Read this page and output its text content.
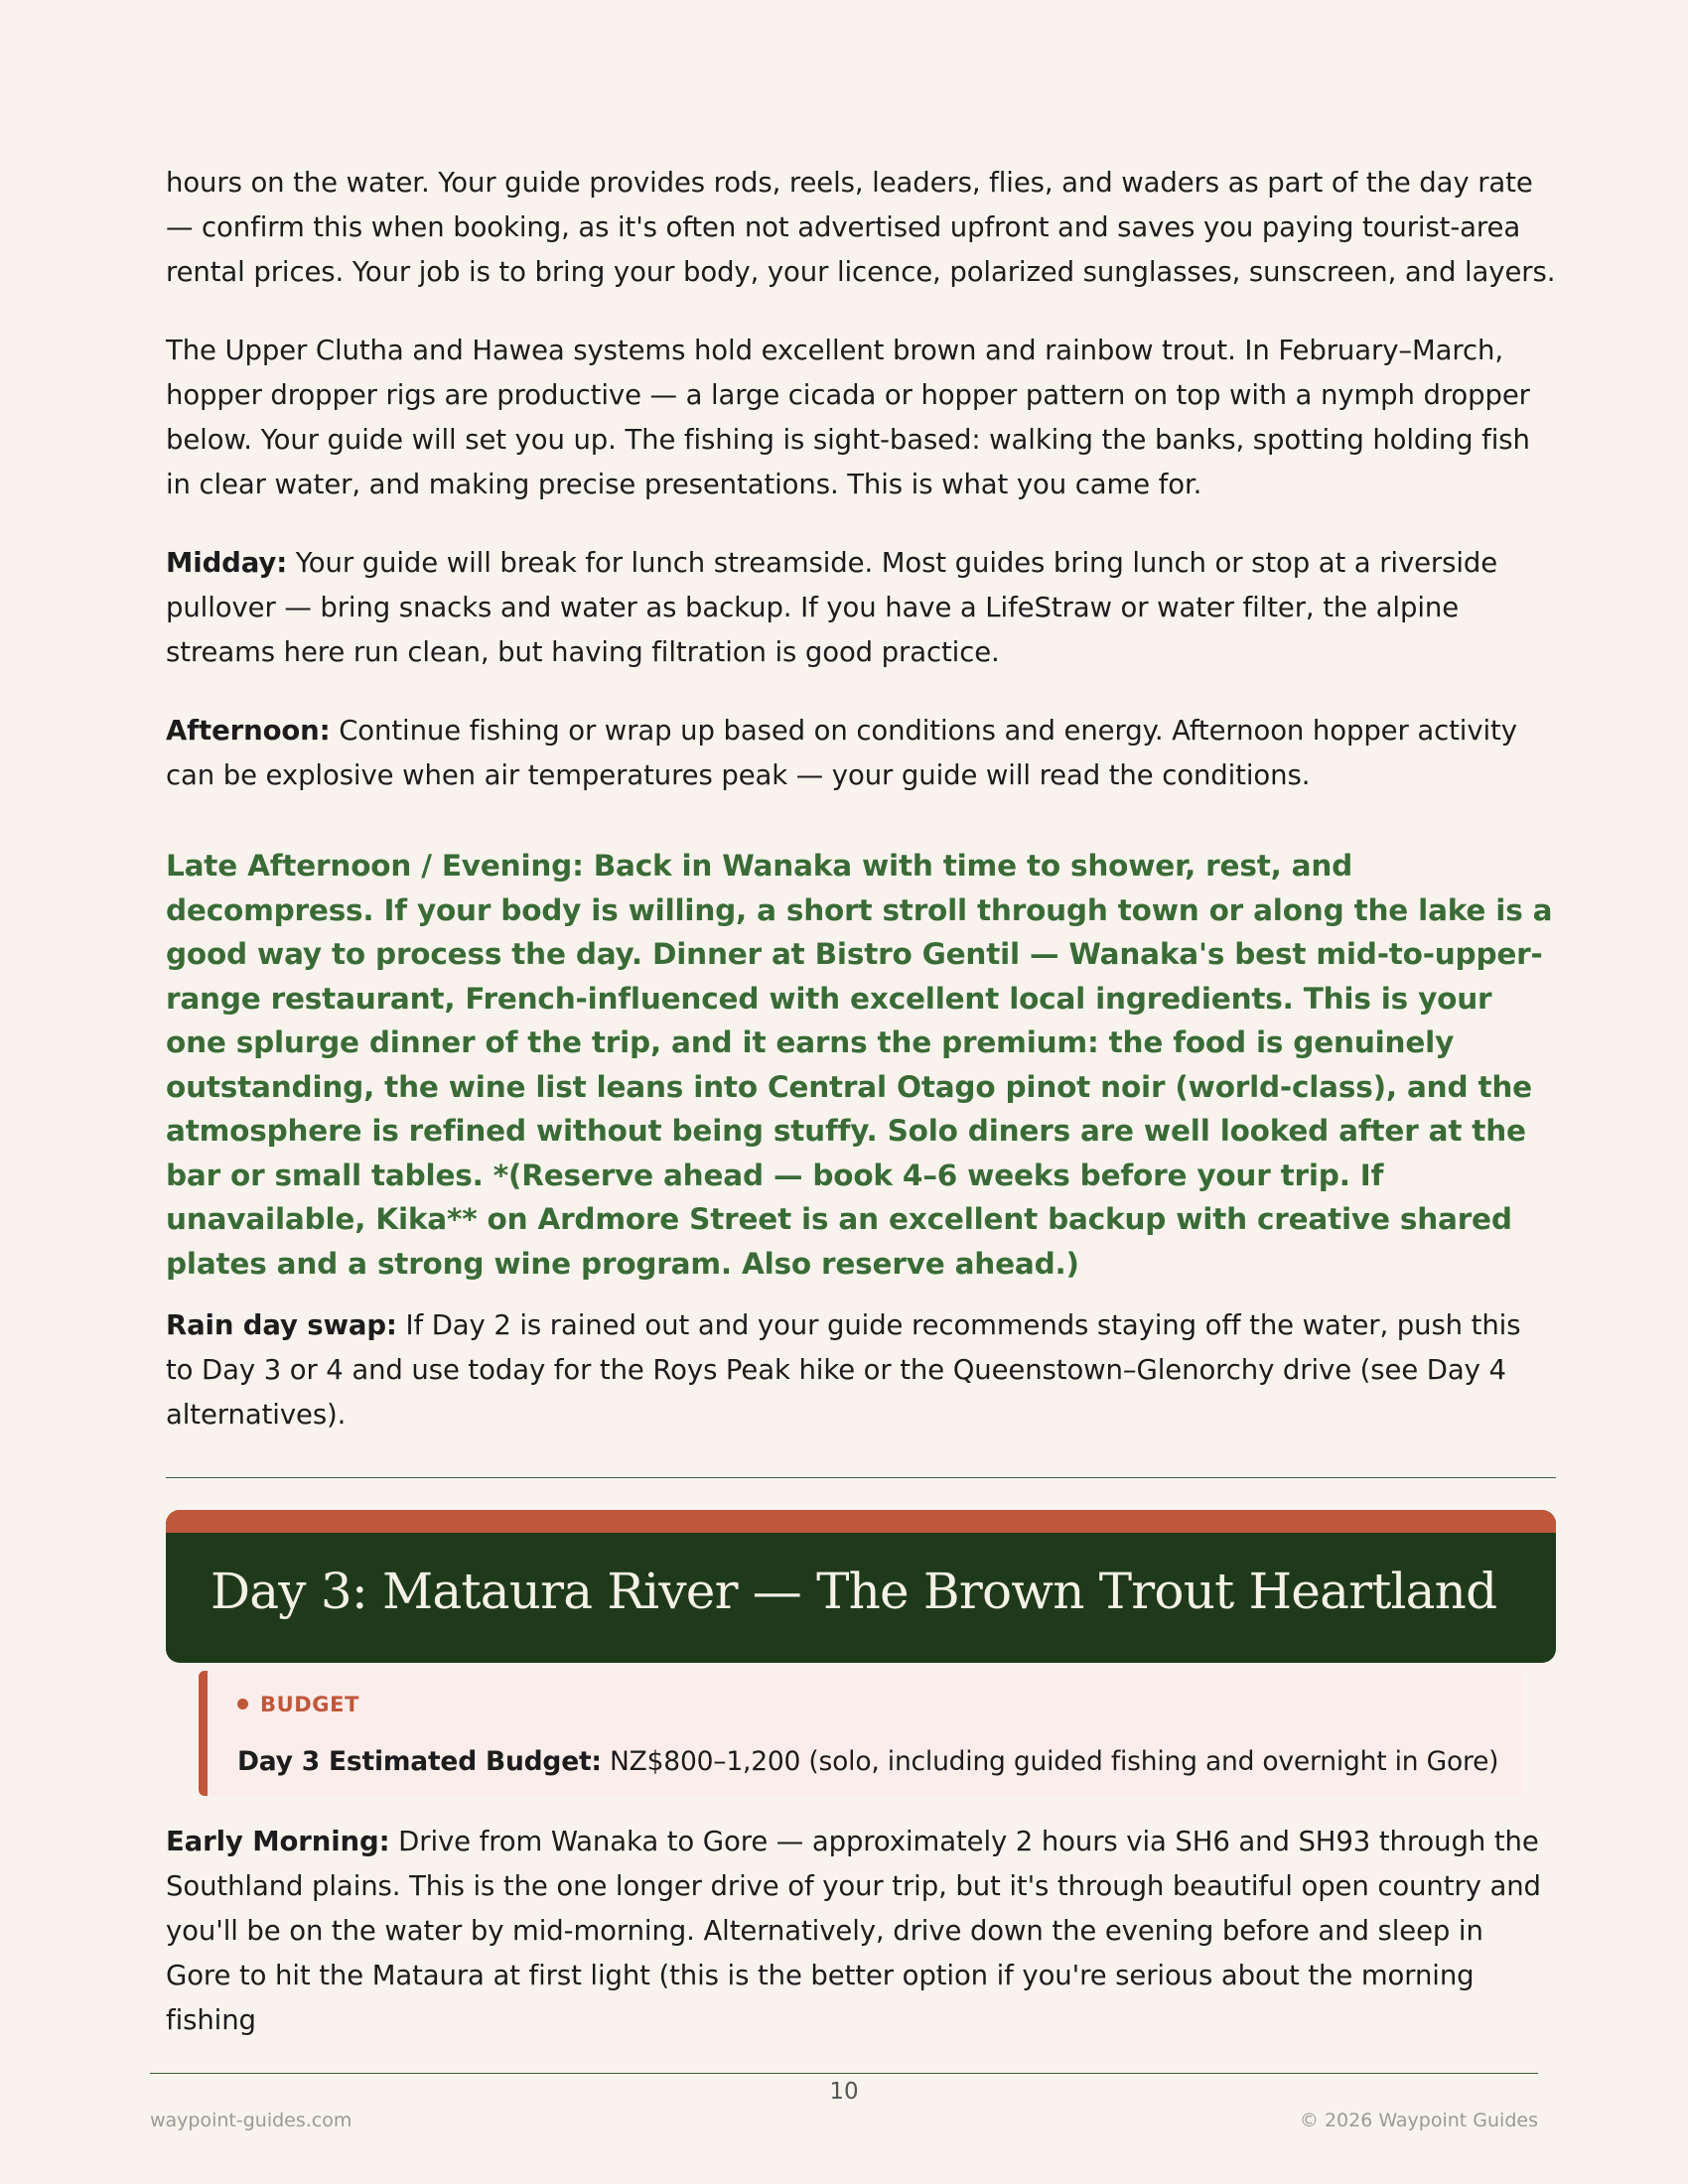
hours on the water. Your guide provides rods, reels, leaders, flies, and waders as part of the day rate — confirm this when booking, as it's often not advertised upfront and saves you paying tourist-area rental prices. Your job is to bring your body, your licence, polarized sunglasses, sunscreen, and layers.

The Upper Clutha and Hawea systems hold excellent brown and rainbow trout. In February–March, hopper dropper rigs are productive — a large cicada or hopper pattern on top with a nymph dropper below. Your guide will set you up. The fishing is sight-based: walking the banks, spotting holding fish in clear water, and making precise presentations. This is what you came for.

Midday: Your guide will break for lunch streamside. Most guides bring lunch or stop at a riverside pullover — bring snacks and water as backup. If you have a LifeStraw or water filter, the alpine streams here run clean, but having filtration is good practice.

Afternoon: Continue fishing or wrap up based on conditions and energy. Afternoon hopper activity can be explosive when air temperatures peak — your guide will read the conditions.

Late Afternoon / Evening: Back in Wanaka with time to shower, rest, and decompress. If your body is willing, a short stroll through town or along the lake is a good way to process the day. Dinner at Bistro Gentil — Wanaka's best mid-to-upper-range restaurant, French-influenced with excellent local ingredients. This is your one splurge dinner of the trip, and it earns the premium: the food is genuinely outstanding, the wine list leans into Central Otago pinot noir (world-class), and the atmosphere is refined without being stuffy. Solo diners are well looked after at the bar or small tables. *(Reserve ahead — book 4–6 weeks before your trip. If unavailable, Kika** on Ardmore Street is an excellent backup with creative shared plates and a strong wine program. Also reserve ahead.)

Rain day swap: If Day 2 is rained out and your guide recommends staying off the water, push this to Day 3 or 4 and use today for the Roys Peak hike or the Queenstown–Glenorchy drive (see Day 4 alternatives).

Day 3: Mataura River — The Brown Trout Heartland
BUDGET
Day 3 Estimated Budget: NZ$800–1,200 (solo, including guided fishing and overnight in Gore)

Early Morning: Drive from Wanaka to Gore — approximately 2 hours via SH6 and SH93 through the Southland plains. This is the one longer drive of your trip, but it's through beautiful open country and you'll be on the water by mid-morning. Alternatively, drive down the evening before and sleep in Gore to hit the Mataura at first light (this is the better option if you're serious about the morning fishing

10
waypoint-guides.com	© 2026 Waypoint Guides
